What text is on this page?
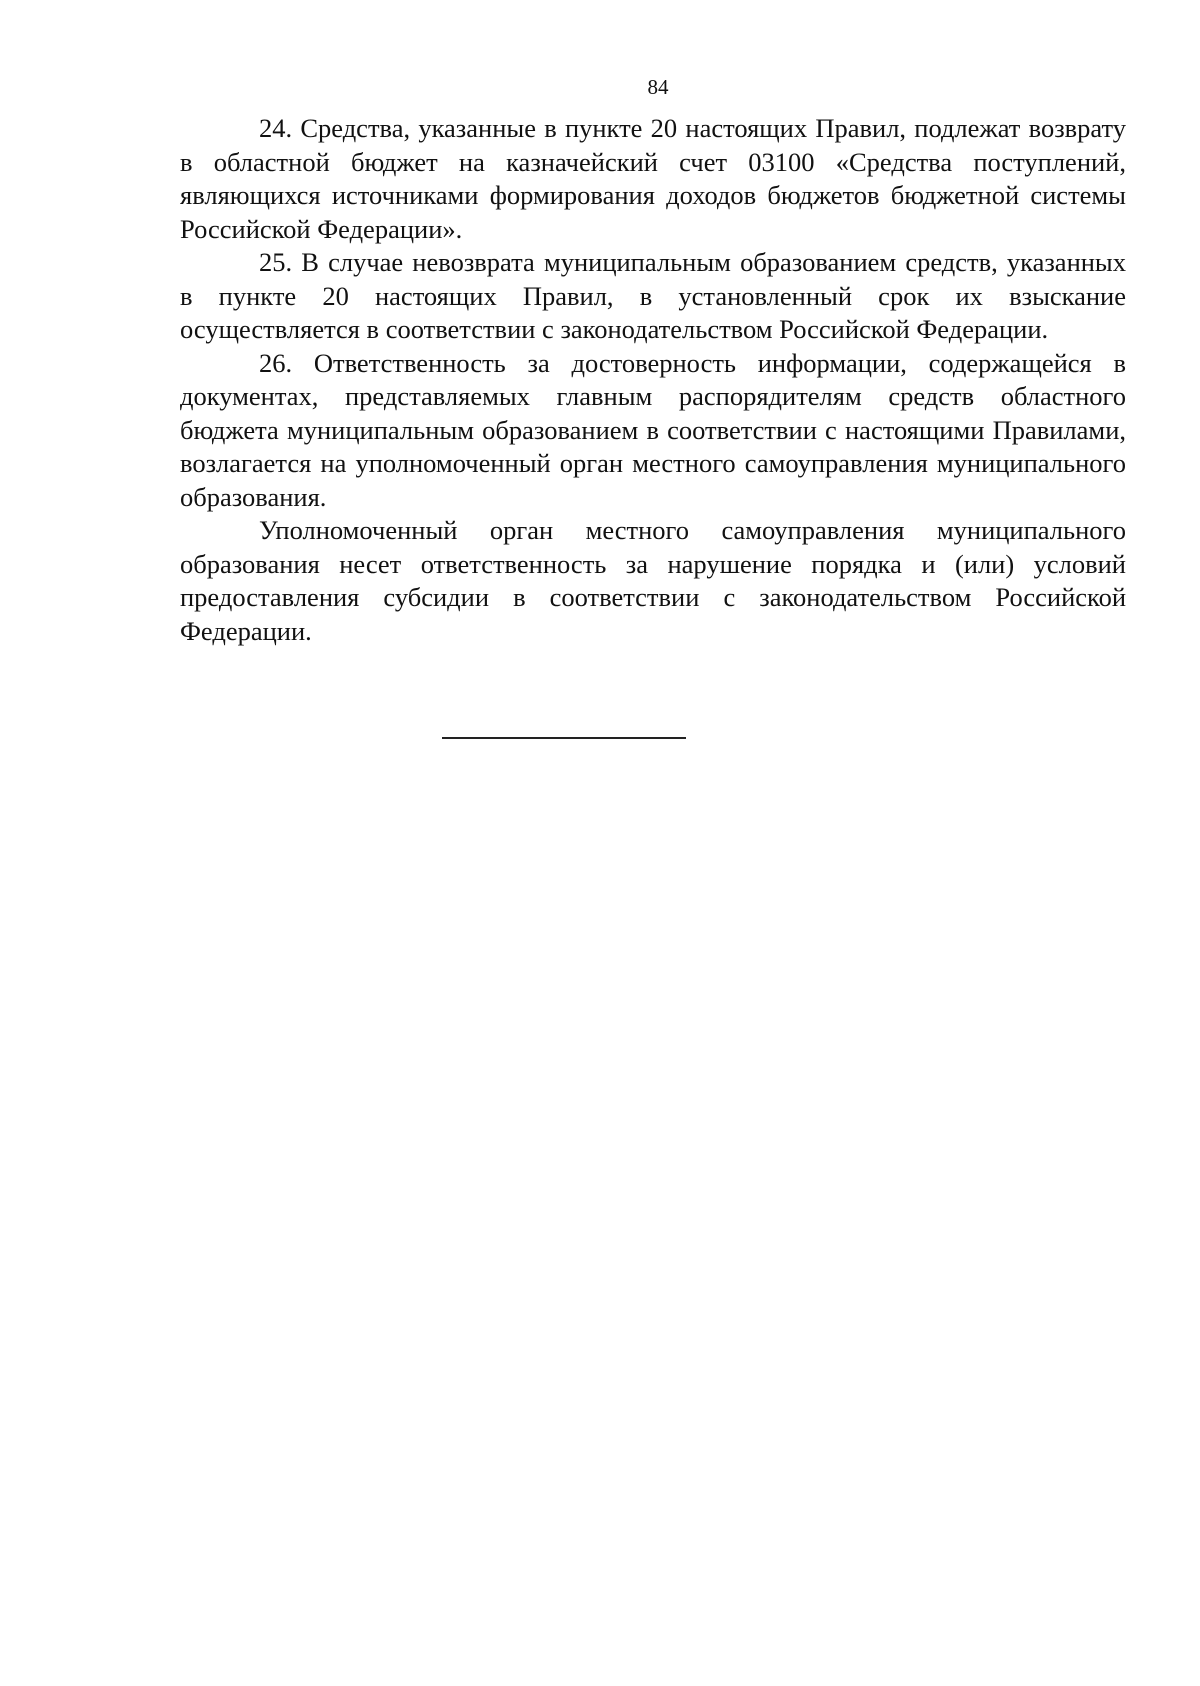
84

24. Средства, указанные в пункте 20 настоящих Правил, подлежат возврату в областной бюджет на казначейский счет 03100 «Средства поступлений, являющихся источниками формирования доходов бюджетов бюджетной системы Российской Федерации».

25. В случае невозврата муниципальным образованием средств, указанных в пункте 20 настоящих Правил, в установленный срок их взыскание осуществляется в соответствии с законодательством Российской Федерации.

26. Ответственность за достоверность информации, содержащейся в документах, представляемых главным распорядителям средств областного бюджета муниципальным образованием в соответствии с настоящими Правилами, возлагается на уполномоченный орган местного самоуправления муниципального образования.

Уполномоченный орган местного самоуправления муниципального образования несет ответственность за нарушение порядка и (или) условий предоставления субсидии в соответствии с законодательством Российской Федерации.
